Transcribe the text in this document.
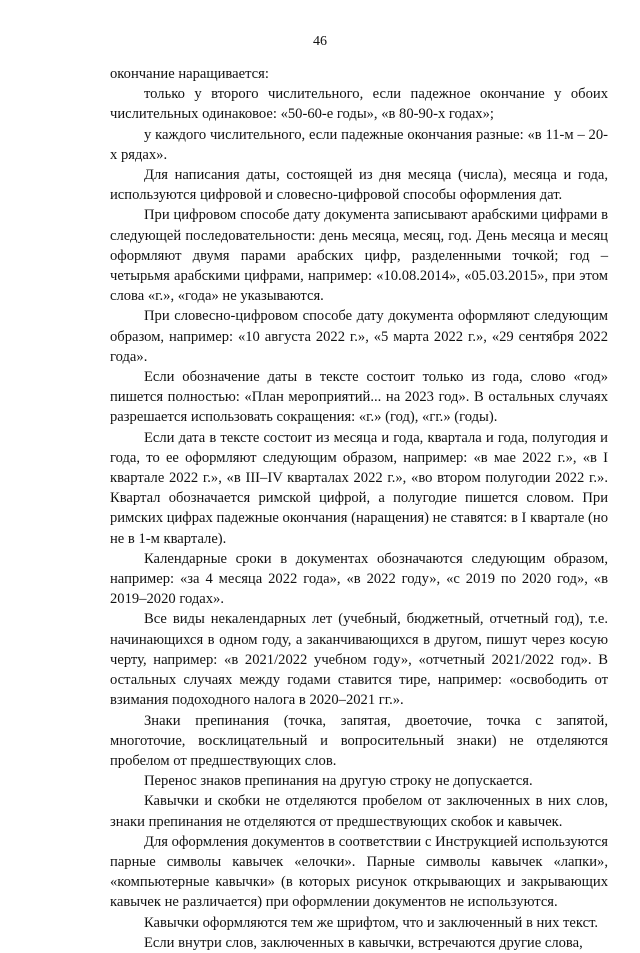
46

окончание наращивается:

только у второго числительного, если падежное окончание у обоих числительных одинаковое: «50-60-е годы», «в 80-90-х годах»;

у каждого числительного, если падежные окончания разные: «в 11-м – 20-х рядах».

Для написания даты, состоящей из дня месяца (числа), месяца и года, используются цифровой и словесно-цифровой способы оформления дат.

При цифровом способе дату документа записывают арабскими цифрами в следующей последовательности: день месяца, месяц, год. День месяца и месяц оформляют двумя парами арабских цифр, разделенными точкой; год – четырьмя арабскими цифрами, например: «10.08.2014», «05.03.2015», при этом слова «г.», «года» не указываются.

При словесно-цифровом способе дату документа оформляют следующим образом, например: «10 августа 2022 г.», «5 марта 2022 г.», «29 сентября 2022 года».

Если обозначение даты в тексте состоит только из года, слово «год» пишется полностью: «План мероприятий... на 2023 год». В остальных случаях разрешается использовать сокращения: «г.» (год), «гг.» (годы).

Если дата в тексте состоит из месяца и года, квартала и года, полугодия и года, то ее оформляют следующим образом, например: «в мае 2022 г.», «в I квартале 2022 г.», «в III–IV кварталах 2022 г.», «во втором полугодии 2022 г.». Квартал обозначается римской цифрой, а полугодие пишется словом. При римских цифрах падежные окончания (наращения) не ставятся: в I квартале (но не в 1-м квартале).

Календарные сроки в документах обозначаются следующим образом, например: «за 4 месяца 2022 года», «в 2022 году», «с 2019 по 2020 год», «в 2019–2020 годах».

Все виды некалендарных лет (учебный, бюджетный, отчетный год), т.е. начинающихся в одном году, а заканчивающихся в другом, пишут через косую черту, например: «в 2021/2022 учебном году», «отчетный 2021/2022 год». В остальных случаях между годами ставится тире, например: «освободить от взимания подоходного налога в 2020–2021 гг.».

Знаки препинания (точка, запятая, двоеточие, точка с запятой, многоточие, восклицательный и вопросительный знаки) не отделяются пробелом от предшествующих слов.

Перенос знаков препинания на другую строку не допускается.

Кавычки и скобки не отделяются пробелом от заключенных в них слов, знаки препинания не отделяются от предшествующих скобок и кавычек.

Для оформления документов в соответствии с Инструкцией используются парные символы кавычек «елочки». Парные символы кавычек «лапки», «компьютерные кавычки» (в которых рисунок открывающих и закрывающих кавычек не различается) при оформлении документов не используются.

Кавычки оформляются тем же шрифтом, что и заключенный в них текст.

Если внутри слов, заключенных в кавычки, встречаются другие слова,
